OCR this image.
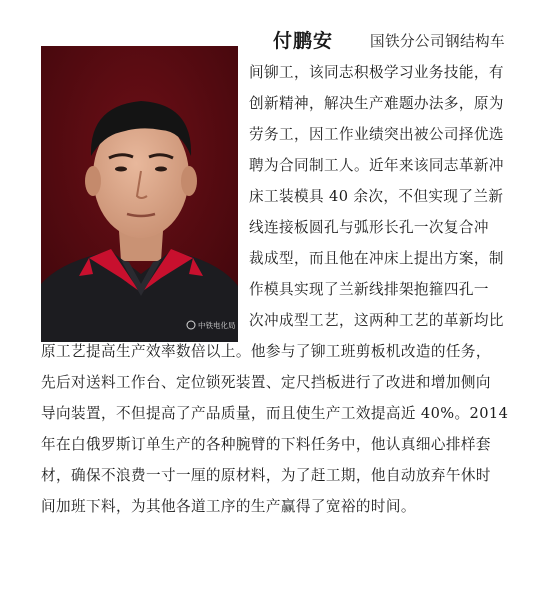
中铁电化局
付鹏安	国铁分公司钢结构车
间铆工，该同志积极学习业务技能，有
创新精神，解决生产难题办法多，原为
劳务工，因工作业绩突出被公司择优选
聘为合同制工人。近年来该同志革新冲
床工装模具 40 余次，不但实现了兰新
线连接板圆孔与弧形长孔一次复合冲
裁成型，而且他在冲床上提出方案，制
作模具实现了兰新线排架抱箍四孔一
次冲成型工艺，这两种工艺的革新均比
原工艺提高生产效率数倍以上。他参与了铆工班剪板机改造的任务，
先后对送料工作台、定位锁死装置、定尺挡板进行了改进和增加侧向
导向装置，不但提高了产品质量，而且使生产工效提高近 40%。2014
年在白俄罗斯订单生产的各种腕臂的下料任务中，他认真细心排样套
材，确保不浪费一寸一厘的原材料，为了赶工期，他自动放弃午休时
间加班下料，为其他各道工序的生产赢得了宽裕的时间。
